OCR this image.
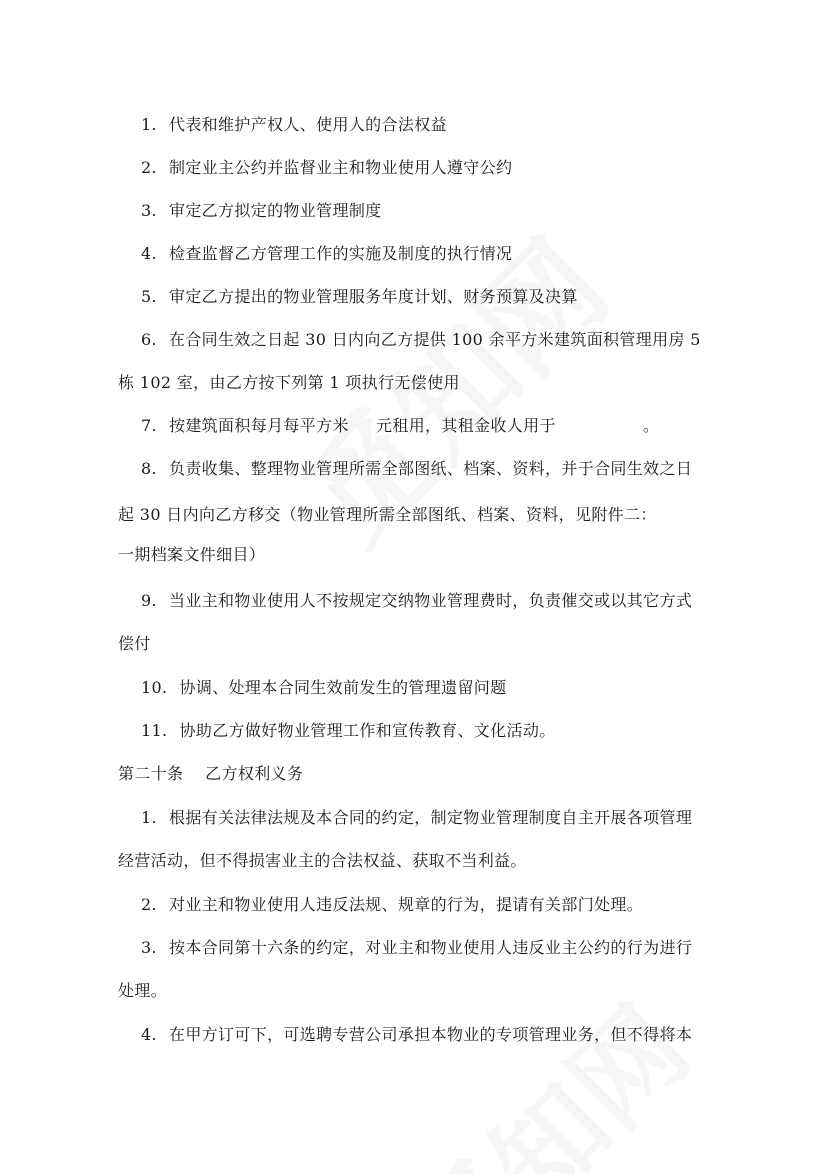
1. 代表和维护产权人、使用人的合法权益
2. 制定业主公约并监督业主和物业使用人遵守公约
3. 审定乙方拟定的物业管理制度
4. 检查监督乙方管理工作的实施及制度的执行情况
5. 审定乙方提出的物业管理服务年度计划、财务预算及决算
6. 在合同生效之日起 30 日内向乙方提供 100 余平方米建筑面积管理用房 5
栋 102 室，由乙方按下列第 1 项执行无偿使用
7. 按建筑面积每月每平方米     元租用，其租金收人用于                。
8. 负责收集、整理物业管理所需全部图纸、档案、资料，并于合同生效之日
起 30 日内向乙方移交（物业管理所需全部图纸、档案、资料，见附件二：
一期档案文件细目）
9. 当业主和物业使用人不按规定交纳物业管理费时，负责催交或以其它方式
偿付
10. 协调、处理本合同生效前发生的管理遗留问题
11. 协助乙方做好物业管理工作和宣传教育、文化活动。
第二十条    乙方权利义务
1. 根据有关法律法规及本合同的约定，制定物业管理制度自主开展各项管理
经营活动，但不得损害业主的合法权益、获取不当利益。
2. 对业主和物业使用人违反法规、规章的行为，提请有关部门处理。
3. 按本合同第十六条的约定，对业主和物业使用人违反业主公约的行为进行
处理。
4. 在甲方订可下，可选聘专营公司承担本物业的专项管理业务，但不得将本
